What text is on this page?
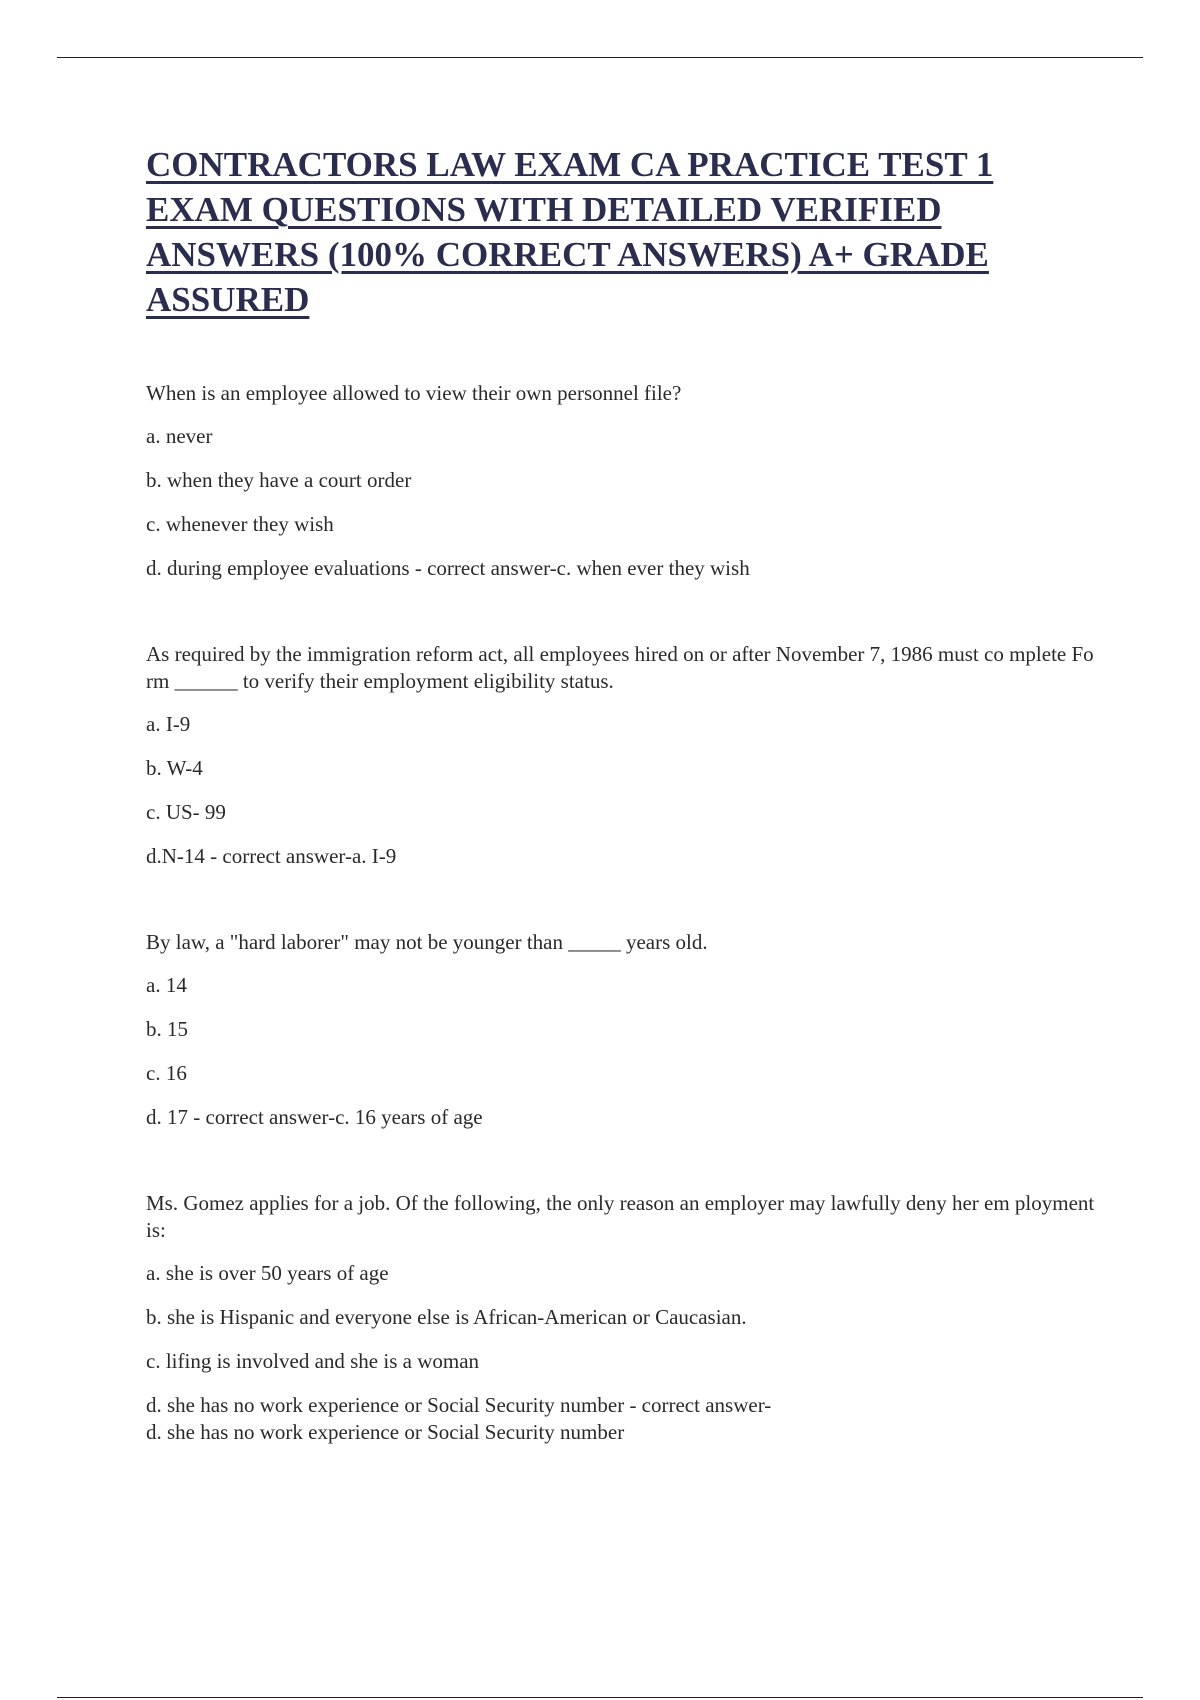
CONTRACTORS LAW EXAM CA PRACTICE TEST 1 EXAM QUESTIONS WITH DETAILED VERIFIED ANSWERS (100% CORRECT ANSWERS) A+ GRADE ASSURED

When is an employee allowed to view their own personnel file?

a. never

b. when they have a court order

c. whenever they wish

d. during employee evaluations - correct answer-c. when ever they wish

As required by the immigration reform act, all employees hired on or after November 7, 1986 must co mplete Form ______ to verify their employment eligibility status.

a. I-9

b. W-4

c. US- 99

d.N-14 - correct answer-a. I-9

By law, a "hard laborer" may not be younger than _____ years old.

a. 14

b. 15

c. 16

d. 17 - correct answer-c. 16 years of age

Ms. Gomez applies for a job. Of the following, the only reason an employer may lawfully deny her em ployment is:

a. she is over 50 years of age

b. she is Hispanic and everyone else is African-American or Caucasian.

c. lifing is involved and she is a woman

d. she has no work experience or Social Security number - correct answer-
d. she has no work experience or Social Security number
